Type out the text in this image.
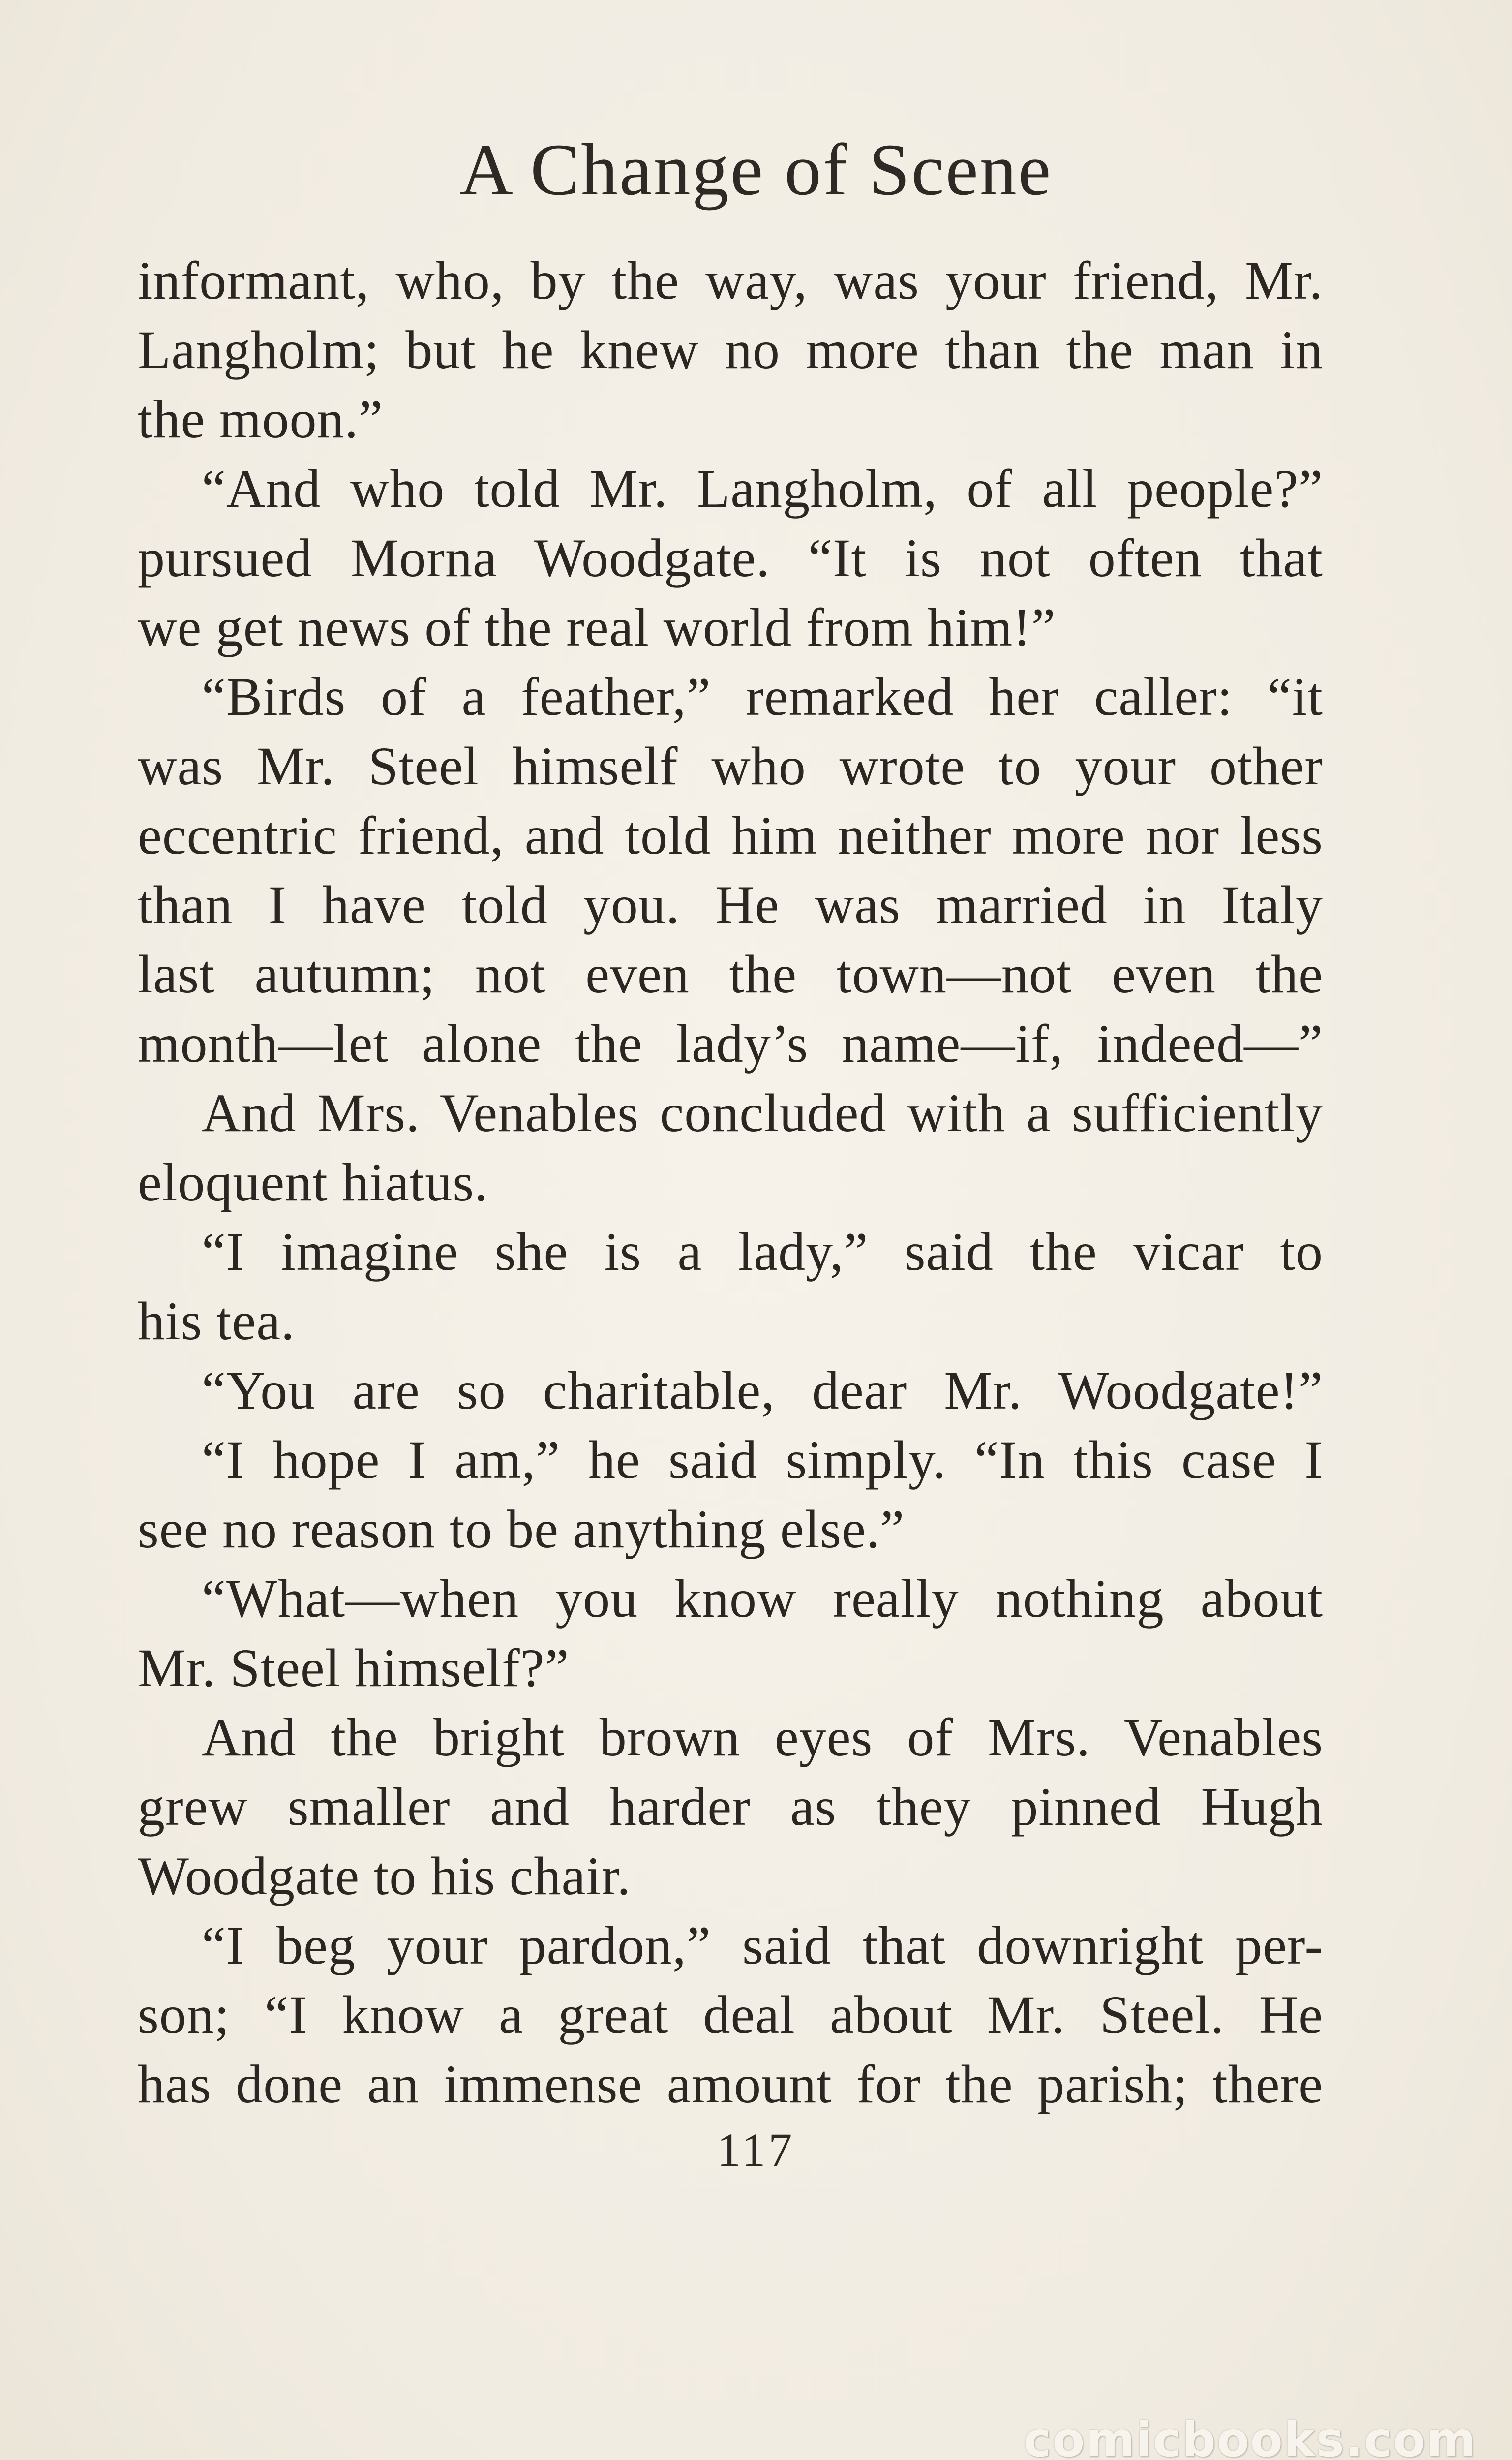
A Change of Scene
informant, who, by the way, was your friend, Mr.
Langholm; but he knew no more than the man in
the moon.”
“And who told Mr. Langholm, of all people?”
pursued Morna Woodgate. “It is not often that
we get news of the real world from him!”
“Birds of a feather,” remarked her caller: “it
was Mr. Steel himself who wrote to your other
eccentric friend, and told him neither more nor less
than I have told you. He was married in Italy
last autumn; not even the town—not even the
month—let alone the lady’s name—if, indeed—”
And Mrs. Venables concluded with a sufficiently
eloquent hiatus.
“I imagine she is a lady,” said the vicar to
his tea.
“You are so charitable, dear Mr. Woodgate!”
“I hope I am,” he said simply. “In this case I
see no reason to be anything else.”
“What—when you know really nothing about
Mr. Steel himself?”
And the bright brown eyes of Mrs. Venables
grew smaller and harder as they pinned Hugh
Woodgate to his chair.
“I beg your pardon,” said that downright per-
son; “I know a great deal about Mr. Steel. He
has done an immense amount for the parish; there
117
comicbooks.com
